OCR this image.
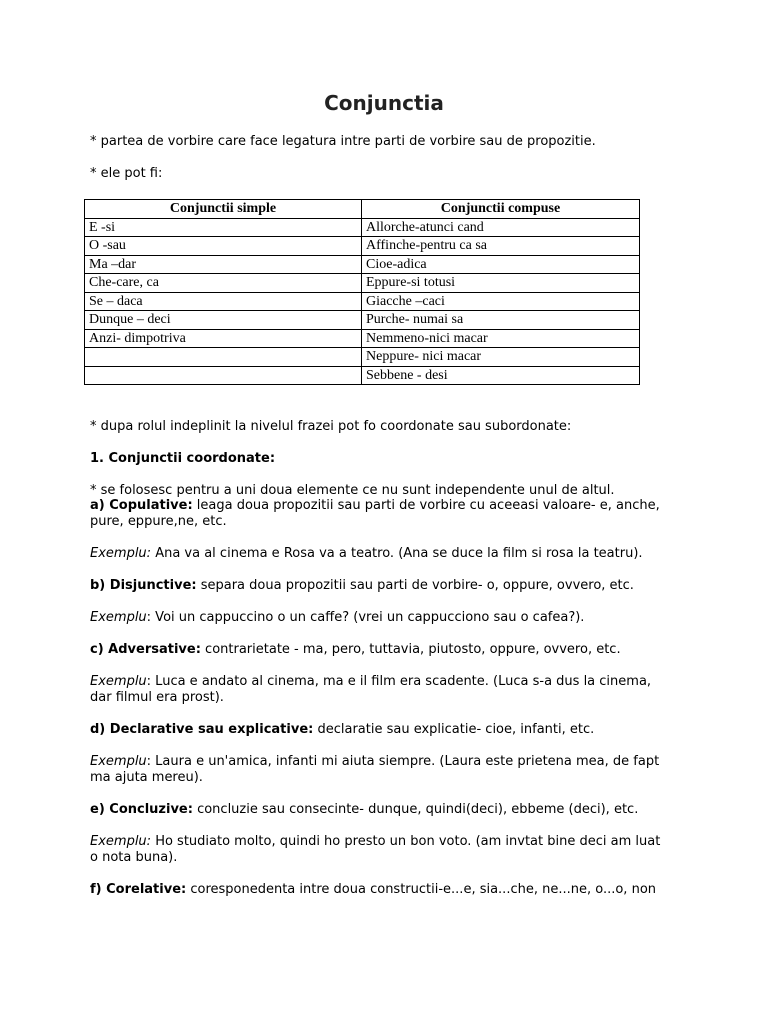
Conjunctia
* partea de vorbire care face legatura intre parti de vorbire sau de propozitie.
* ele pot fi:
Conjunctii simple	Conjunctii compuse
E -si	Allorche-atunci cand
O -sau	Affinche-pentru ca sa
Ma –dar	Cioe-adica
Che-care, ca	Eppure-si totusi
Se – daca	Giacche –caci
Dunque – deci	Purche- numai sa
Anzi- dimpotriva	Nemmeno-nici macar
	Neppure- nici macar
	Sebbene - desi
* dupa rolul indeplinit la nivelul frazei pot fo coordonate sau subordonate:
1. Conjunctii coordonate:
* se folosesc pentru a uni doua elemente ce nu sunt independente unul de altul.
a) Copulative: leaga doua propozitii sau parti de vorbire cu aceeasi valoare- e, anche,
pure, eppure,ne, etc.
Exemplu: Ana va al cinema e Rosa va a teatro. (Ana se duce la film si rosa la teatru).
b) Disjunctive: separa doua propozitii sau parti de vorbire- o, oppure, ovvero, etc.
Exemplu: Voi un cappuccino o un caffe? (vrei un cappucciono sau o cafea?).
c) Adversative: contrarietate - ma, pero, tuttavia, piutosto, oppure, ovvero, etc.
Exemplu: Luca e andato al cinema, ma e il film era scadente. (Luca s-a dus la cinema,
dar filmul era prost).
d) Declarative sau explicative: declaratie sau explicatie- cioe, infanti, etc.
Exemplu: Laura e un'amica, infanti mi aiuta siempre. (Laura este prietena mea, de fapt
ma ajuta mereu).
e) Concluzive: concluzie sau consecinte- dunque, quindi(deci), ebbeme (deci), etc.
Exemplu: Ho studiato molto, quindi ho presto un bon voto. (am invtat bine deci am luat
o nota buna).
f) Corelative: coresponedenta intre doua constructii-e...e, sia...che, ne...ne, o...o, non
